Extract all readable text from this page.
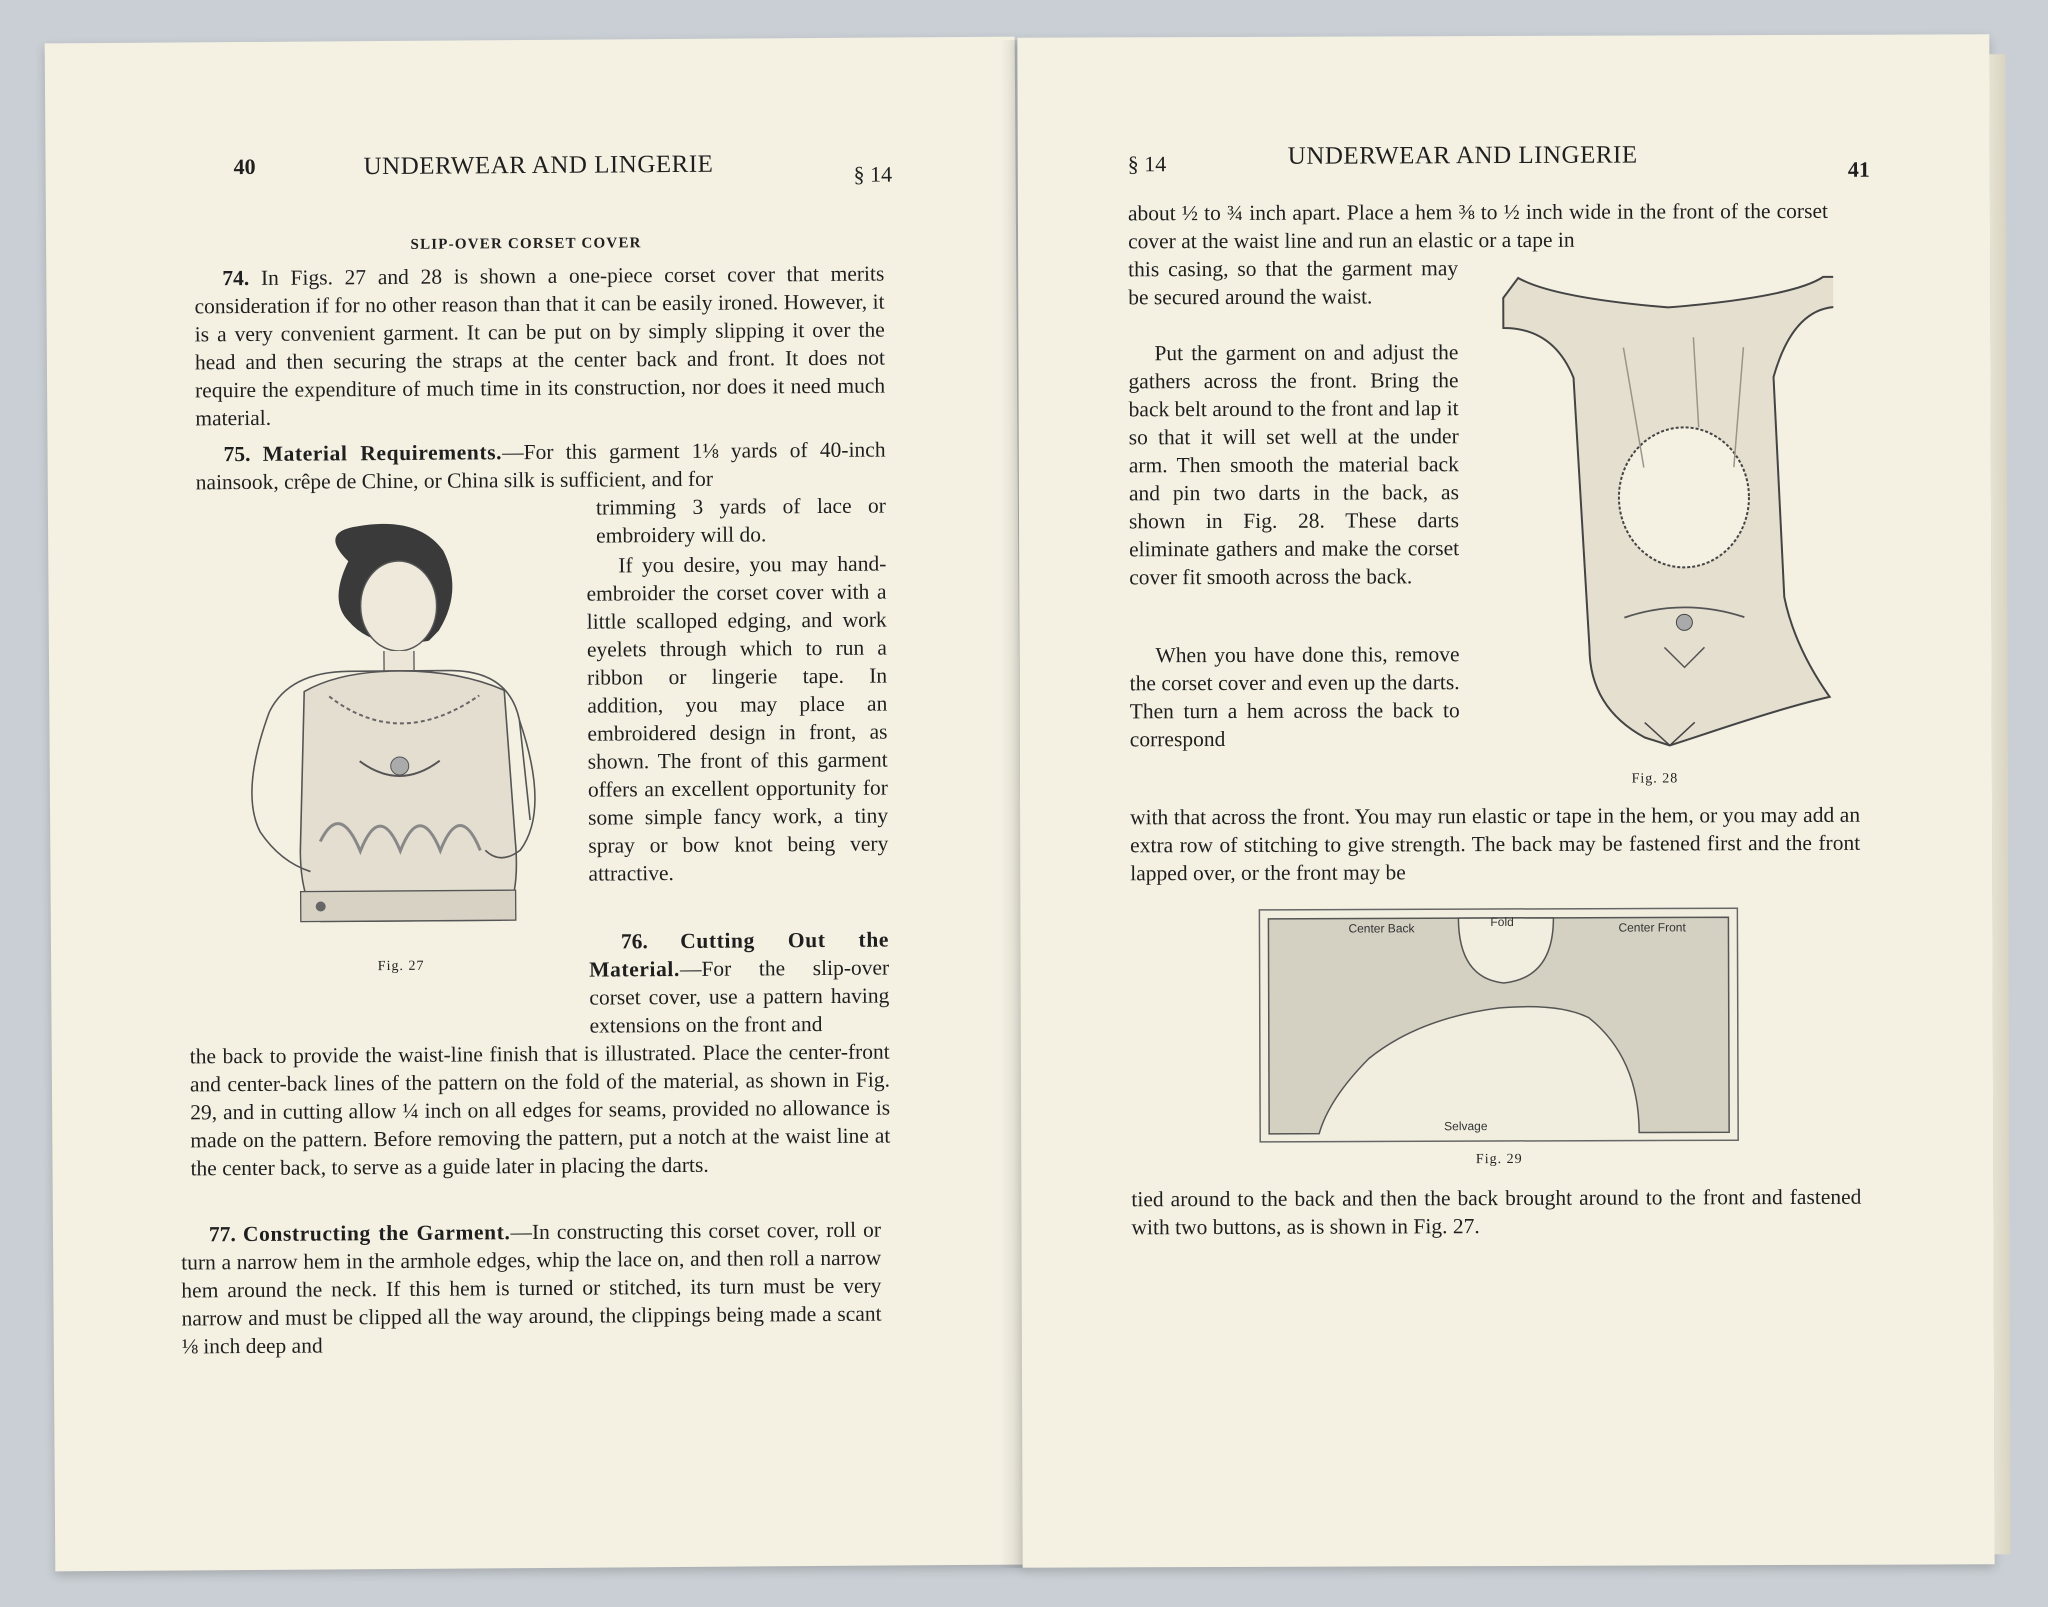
40	UNDERWEAR AND LINGERIE	§ 14
SLIP-OVER CORSET COVER
74. In Figs. 27 and 28 is shown a one-piece corset cover that merits consideration if for no other reason than that it can be easily ironed. However, it is a very convenient garment. It can be put on by simply slipping it over the head and then securing the straps at the center back and front. It does not require the expenditure of much time in its construction, nor does it need much material.
75. Material Requirements.—For this garment 1⅛ yards of 40-inch nainsook, crêpe de Chine, or China silk is sufficient, and for
trimming 3 yards of lace or embroidery will do.
If you desire, you may hand-embroider the corset cover with a little scalloped edging, and work eyelets through which to run a ribbon or lingerie tape. In addition, you may place an embroidered design in front, as shown. The front of this garment offers an excellent opportunity for some simple fancy work, a tiny spray or bow knot being very attractive.
Fig. 27
76. Cutting Out the Material.—For the slip-over corset cover, use a pattern having extensions on the front and
the back to provide the waist-line finish that is illustrated. Place the center-front and center-back lines of the pattern on the fold of the material, as shown in Fig. 29, and in cutting allow ¼ inch on all edges for seams, provided no allowance is made on the pattern. Before removing the pattern, put a notch at the waist line at the center back, to serve as a guide later in placing the darts.
77. Constructing the Garment.—In constructing this corset cover, roll or turn a narrow hem in the armhole edges, whip the lace on, and then roll a narrow hem around the neck. If this hem is turned or stitched, its turn must be very narrow and must be clipped all the way around, the clippings being made a scant ⅛ inch deep and
§ 14	UNDERWEAR AND LINGERIE	41
about ½ to ¾ inch apart. Place a hem ⅜ to ½ inch wide in the front of the corset cover at the waist line and run an elastic or a tape in
this casing, so that the garment may be secured around the waist.
Put the garment on and adjust the gathers across the front. Bring the back belt around to the front and lap it so that it will set well at the under arm. Then smooth the material back and pin two darts in the back, as shown in Fig. 28. These darts eliminate gathers and make the corset cover fit smooth across the back.
When you have done this, remove the corset cover and even up the darts. Then turn a hem across the back to correspond
Fig. 28
with that across the front. You may run elastic or tape in the hem, or you may add an extra row of stitching to give strength. The back may be fastened first and the front lapped over, or the front may be
Center Back	Fold	Center Front
Selvage
Fig. 29
tied around to the back and then the back brought around to the front and fastened with two buttons, as is shown in Fig. 27.
